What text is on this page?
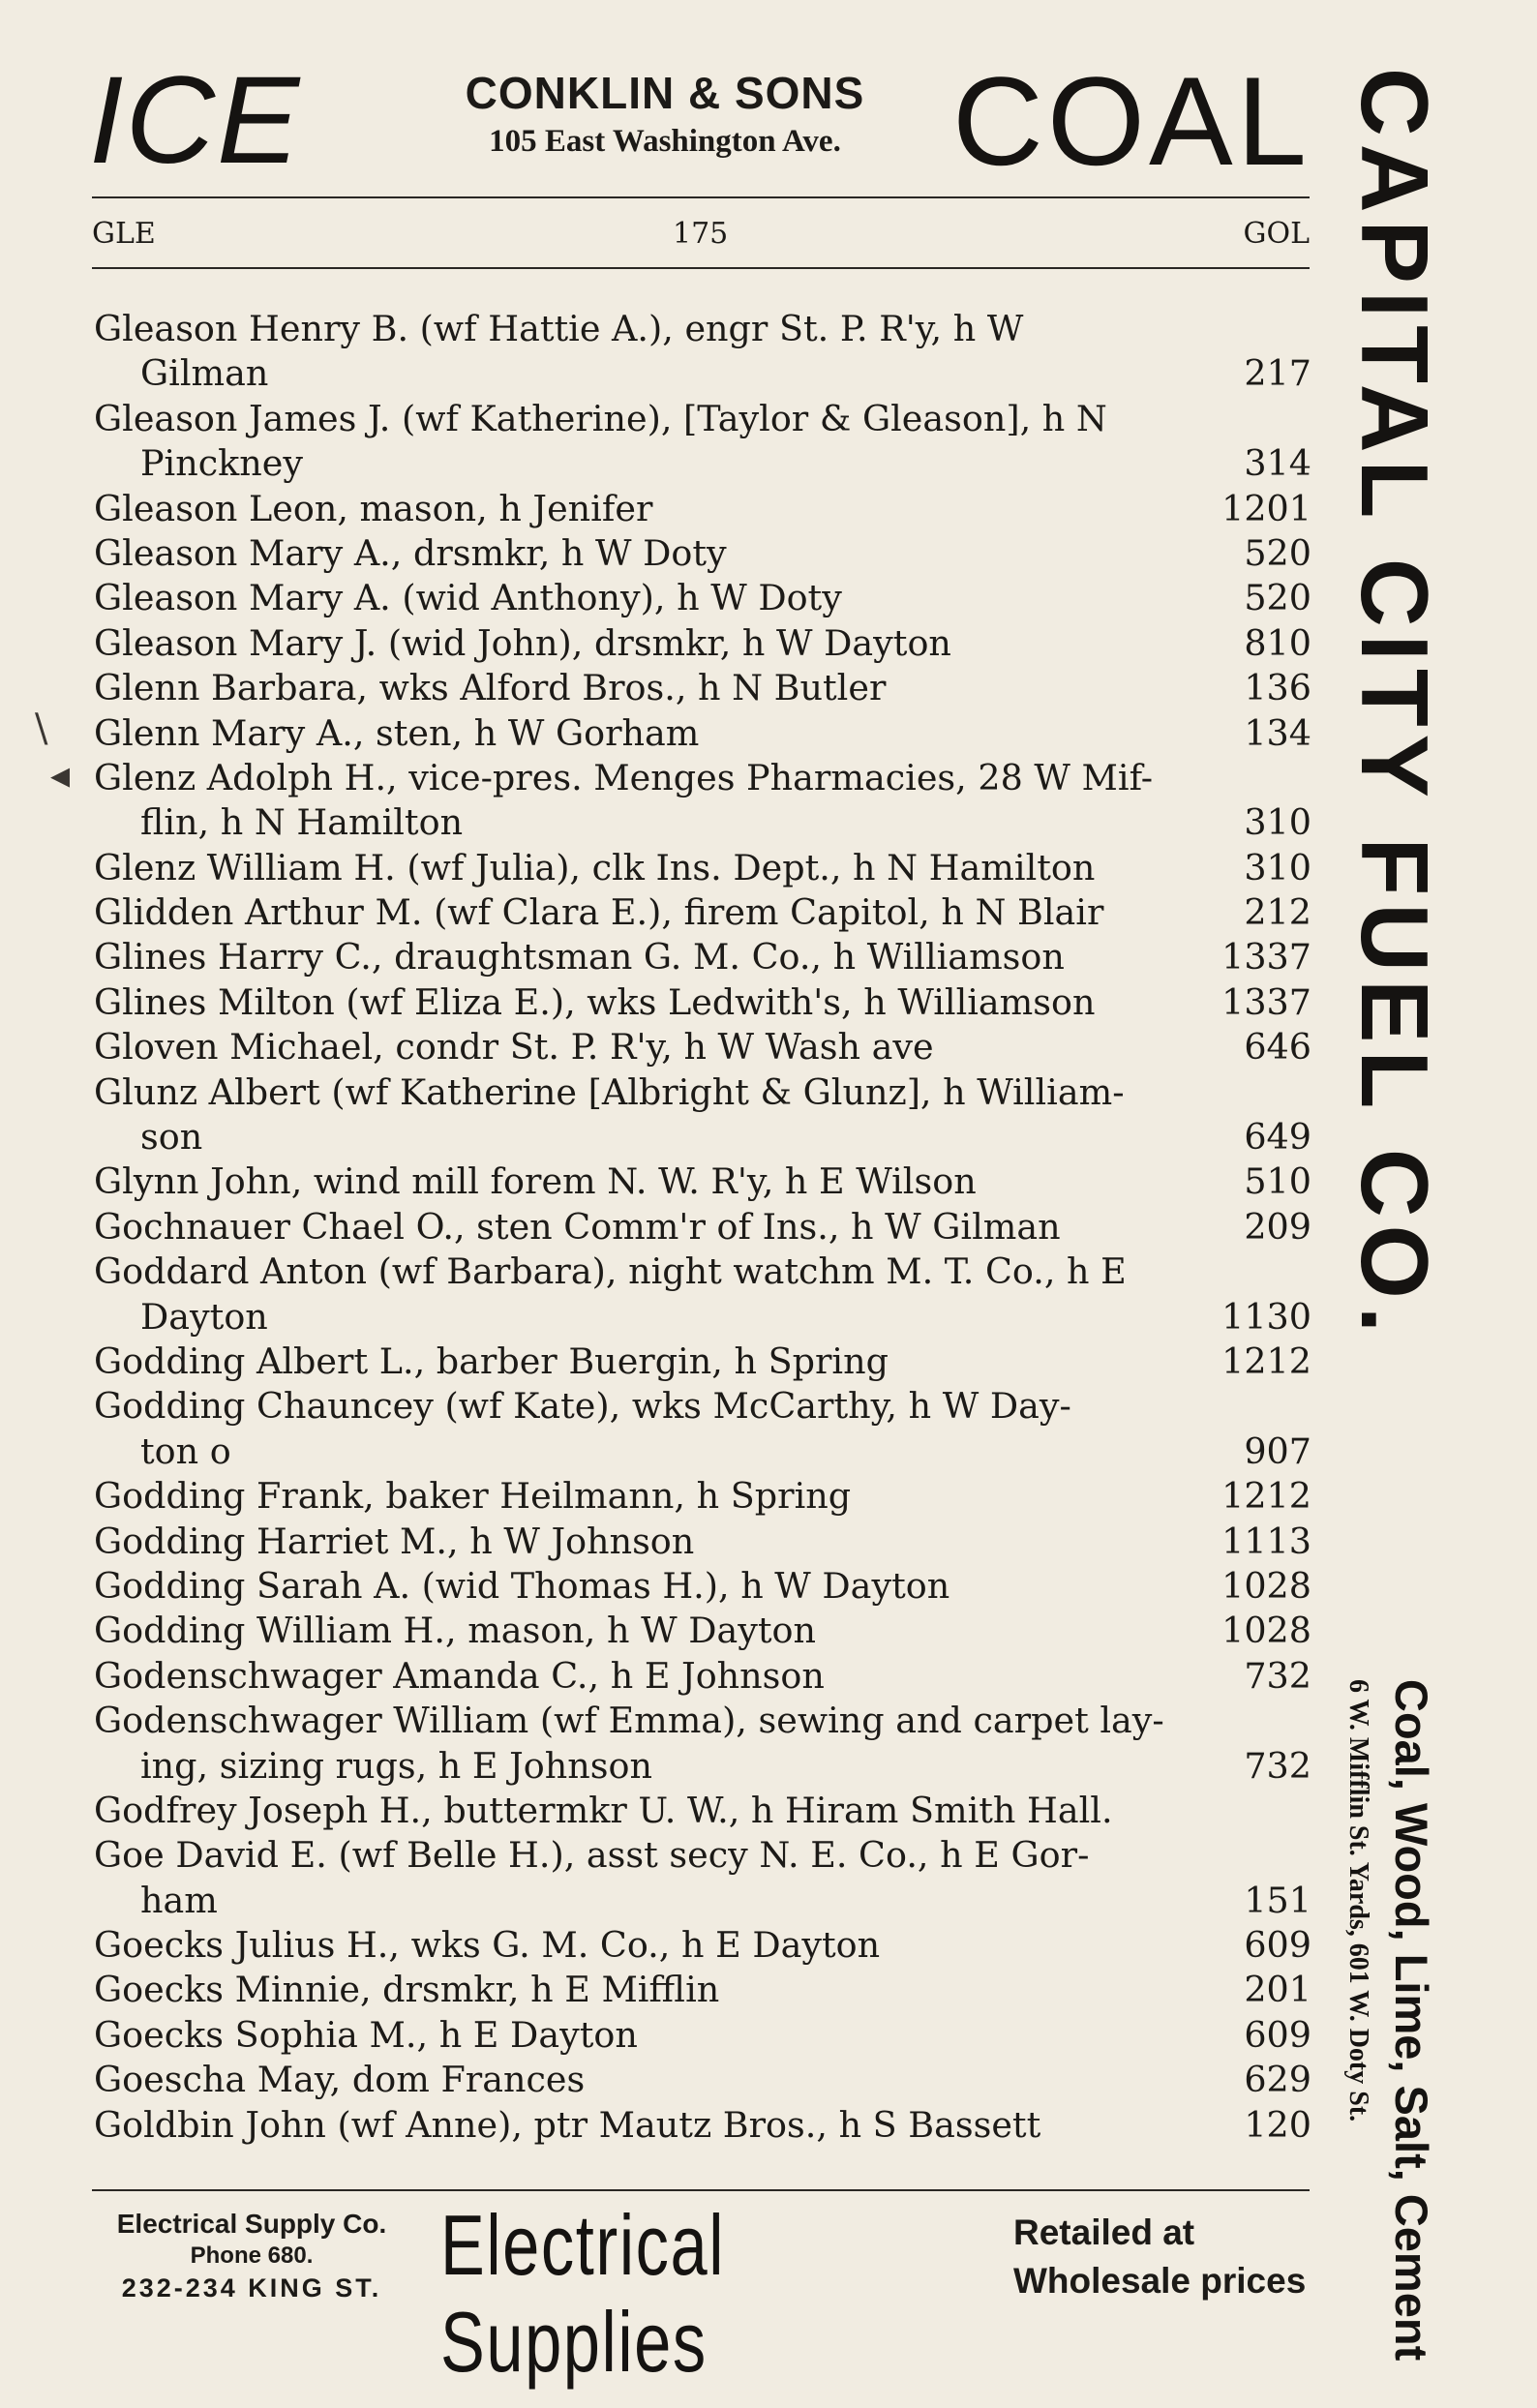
ICE	CONKLIN & SONS
105 East Washington Ave. COAL
GLE	175	GOL
Gleason Henry B. (wf Hattie A.), engr St. P. R'y, h W
Gilman	217
Gleason James J. (wf Katherine), [Taylor & Gleason], h N
Pinckney	314
Gleason Leon, mason, h Jenifer	1201
Gleason Mary A., drsmkr, h W Doty	520
Gleason Mary A. (wid Anthony), h W Doty	520
Gleason Mary J. (wid John), drsmkr, h W Dayton	810
Glenn Barbara, wks Alford Bros., h N Butler	136
Glenn Mary A., sten, h W Gorham	134
Glenz Adolph H., vice-pres. Menges Pharmacies, 28 W Mif-
flin, h N Hamilton	310
Glenz William H. (wf Julia), clk Ins. Dept., h N Hamilton	310
Glidden Arthur M. (wf Clara E.), firem Capitol, h N Blair	212
Glines Harry C., draughtsman G. M. Co., h Williamson	1337
Glines Milton (wf Eliza E.), wks Ledwith's, h Williamson	1337
Gloven Michael, condr St. P. R'y, h W Wash ave	646
Glunz Albert (wf Katherine [Albright & Glunz], h William-
son	649
Glynn John, wind mill forem N. W. R'y, h E Wilson	510
Gochnauer Chael O., sten Comm'r of Ins., h W Gilman	209
Goddard Anton (wf Barbara), night watchm M. T. Co., h E
Dayton	1130
Godding Albert L., barber Buergin, h Spring	1212
Godding Chauncey (wf Kate), wks McCarthy, h W Day-
ton o	907
Godding Frank, baker Heilmann, h Spring	1212
Godding Harriet M., h W Johnson	1113
Godding Sarah A. (wid Thomas H.), h W Dayton	1028
Godding William H., mason, h W Dayton	1028
Godenschwager Amanda C., h E Johnson	732
Godenschwager William (wf Emma), sewing and carpet lay-
ing, sizing rugs, h E Johnson	732
Godfrey Joseph H., buttermkr U. W., h Hiram Smith Hall.
Goe David E. (wf Belle H.), asst secy N. E. Co., h E Gor-
ham	151
Goecks Julius H., wks G. M. Co., h E Dayton	609
Goecks Minnie, drsmkr, h E Mifflin	201
Goecks Sophia M., h E Dayton	609
Goescha May, dom Frances	629
Goldbin John (wf Anne), ptr Mautz Bros., h S Bassett	120
\
◂	CAPITAL CITY FUEL CO.
Coal, Wood, Lime, Salt, Cement
6 W. Mifflin St. Yards, 601 W. Doty St.
Electrical Supply Co.
Phone 680.
232-234 KING ST. Electrical Supplies
Retailed at
Wholesale prices
